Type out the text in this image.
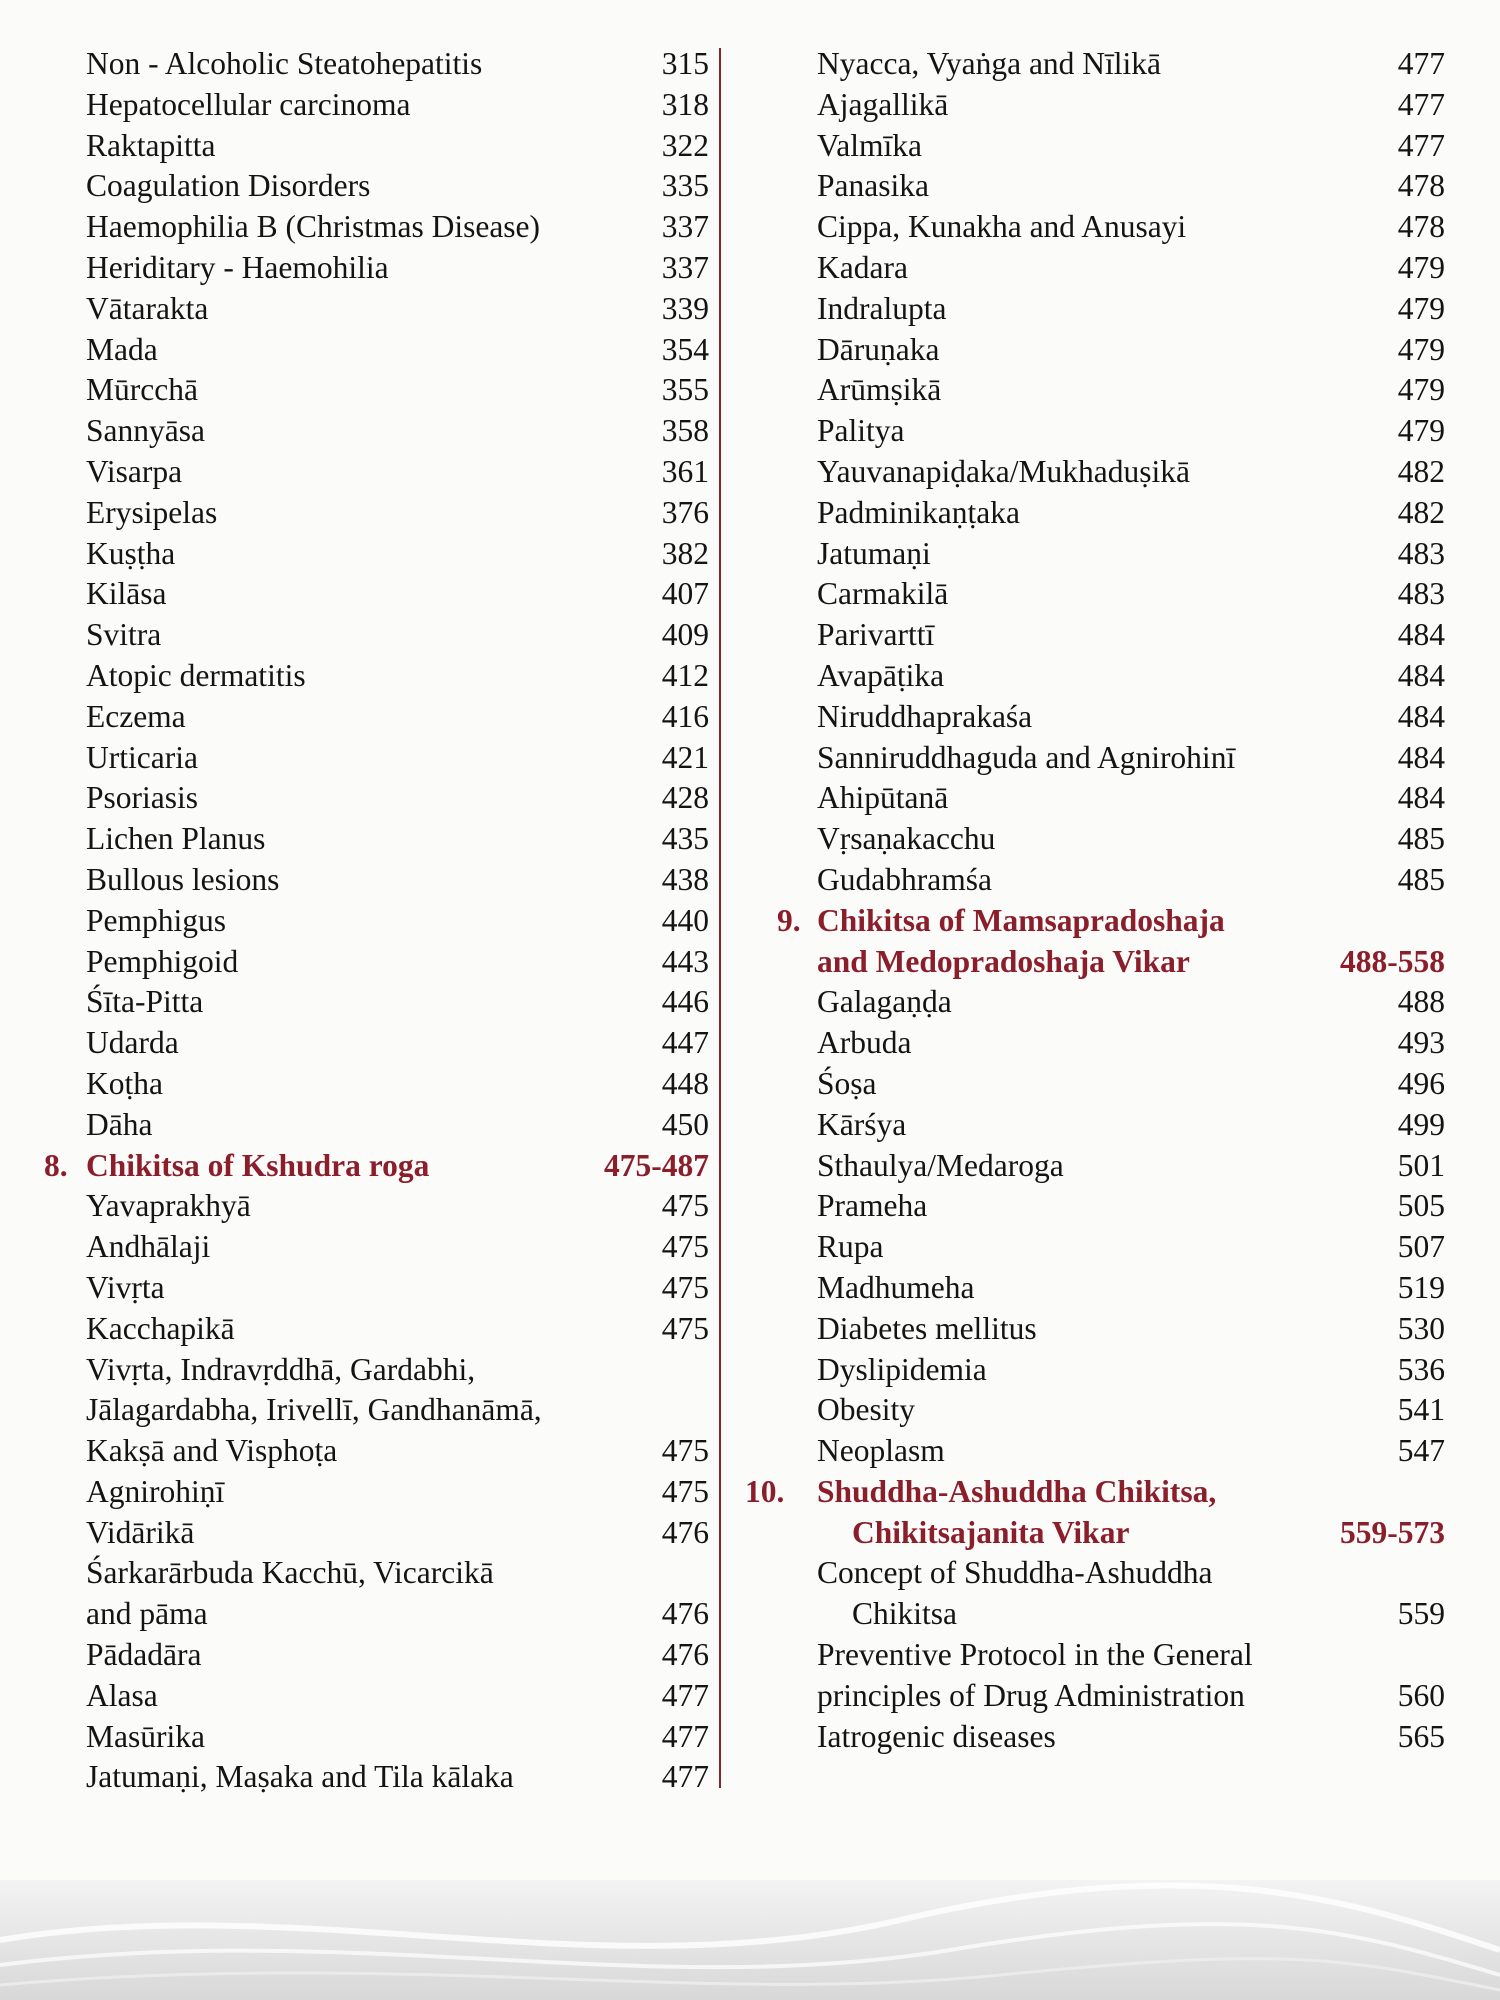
Non - Alcoholic Steatohepatitis	315
Hepatocellular carcinoma	318
Raktapitta	322
Coagulation Disorders	335
Haemophilia B (Christmas Disease)	337
Heriditary - Haemohilia	337
Vātarakta	339
Mada	354
Mūrcchā	355
Sannyāsa	358
Visarpa	361
Erysipelas	376
Kuṣṭha	382
Kilāsa	407
Svitra	409
Atopic dermatitis	412
Eczema	416
Urticaria	421
Psoriasis	428
Lichen Planus	435
Bullous lesions	438
Pemphigus	440
Pemphigoid	443
Śīta-Pitta	446
Udarda	447
Koṭha	448
Dāha	450
8. Chikitsa of Kshudra roga	475-487
Yavaprakhyā	475
Andhālaji	475
Vivṛta	475
Kacchapikā	475
Vivṛta, Indravṛddhā, Gardabhi,
Jālagardabha, Irivellī, Gandhanāmā,
Kakṣā and Visphoṭa	475
Agnirohiṇī	475
Vidārikā	476
Śarkarārbuda Kacchū, Vicarcikā
and pāma	476
Pādadāra	476
Alasa	477
Masūrika	477
Jatumaṇi, Maṣaka and Tila kālaka	477
Nyacca, Vyaṅga and Nīlikā	477
Ajagallikā	477
Valmīka	477
Panasika	478
Cippa, Kunakha and Anusayi	478
Kadara	479
Indralupta	479
Dāruṇaka	479
Arūmṣikā	479
Palitya	479
Yauvanapiḍaka/Mukhaduṣikā	482
Padminikaṇṭaka	482
Jatumaṇi	483
Carmakilā	483
Parivarttī	484
Avapāṭika	484
Niruddhaprakaśa	484
Sanniruddhaguda and Agnirohinī	484
Ahipūtanā	484
Vṛsaṇakacchu	485
Gudabhramśa	485
9. Chikitsa of Mamsapradoshaja
and Medopradoshaja Vikar	488-558
Galagaṇḍa	488
Arbuda	493
Śoṣa	496
Kārśya	499
Sthaulya/Medaroga	501
Prameha	505
Rupa	507
Madhumeha	519
Diabetes mellitus	530
Dyslipidemia	536
Obesity	541
Neoplasm	547
10. Shuddha-Ashuddha Chikitsa,
Chikitsajanita Vikar	559-573
Concept of Shuddha-Ashuddha
Chikitsa	559
Preventive Protocol in the General
principles of Drug Administration	560
Iatrogenic diseases	565
